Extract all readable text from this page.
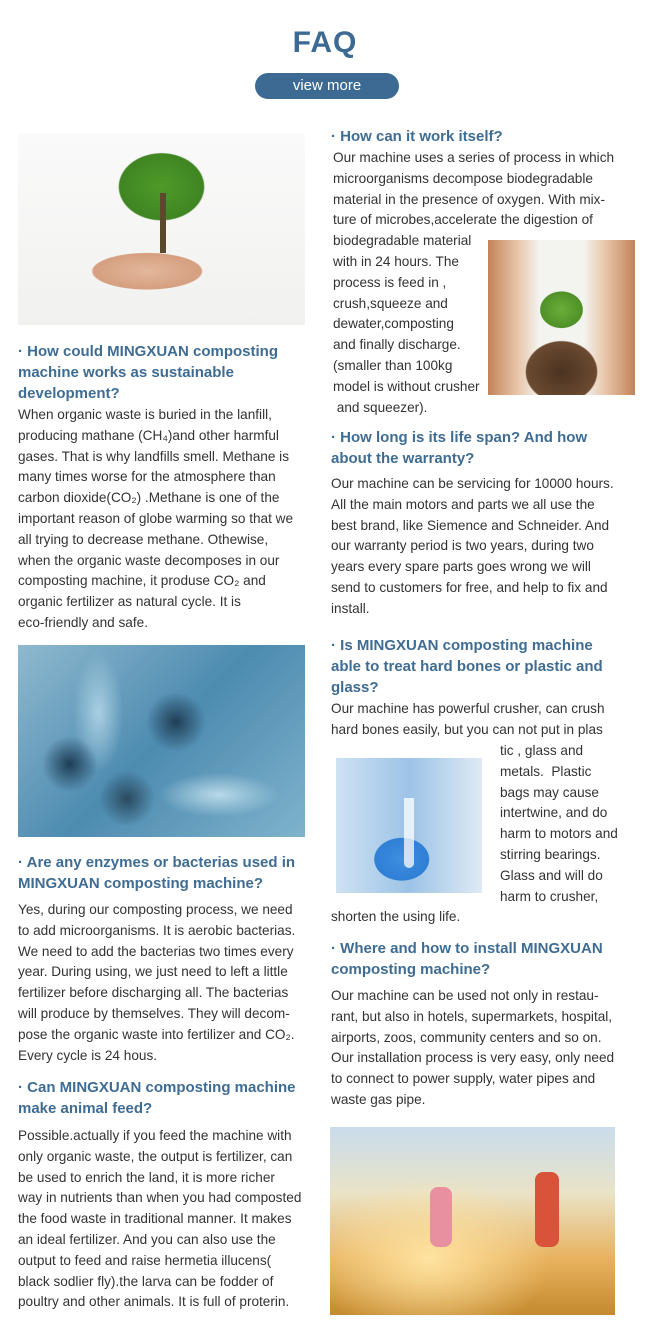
FAQ
view more
· How could MINGXUAN composting
machine works as sustainable
development?
When organic waste is buried in the lanfill,
producing mathane (CH₄)and other harmful
gases. That is why landfills smell. Methane is
many times worse for the atmosphere than
carbon dioxide(CO₂) .Methane is one of the
important reason of globe warming so that we
all trying to decrease methane. Othewise,
when the organic waste decomposes in our
composting machine, it produse CO₂ and
organic fertilizer as natural cycle. It is
eco-friendly and safe.
· Are any enzymes or bacterias used in
MINGXUAN composting machine?
Yes, during our composting process, we need
to add microorganisms. It is aerobic bacterias.
We need to add the bacterias two times every
year. During using, we just need to left a little
fertilizer before discharging all. The bacterias
will produce by themselves. They will decom-
pose the organic waste into fertilizer and CO₂.
Every cycle is 24 hous.
· Can MINGXUAN composting machine
make animal feed?
Possible.actually if you feed the machine with
only organic waste, the output is fertilizer, can
be used to enrich the land, it is more richer
way in nutrients than when you had composted
the food waste in traditional manner. It makes
an ideal fertilizer. And you can also use the
output to feed and raise hermetia illucens(
black sodlier fly).the larva can be fodder of
poultry and other animals. It is full of proterin.
· How can it work itself?
Our machine uses a series of process in which
microorganisms decompose biodegradable
material in the presence of oxygen. With mix-
ture of microbes,accelerate the digestion of
biodegradable material
with in 24 hours. The
process is feed in ,
crush,squeeze and
dewater,composting
and finally discharge.
(smaller than 100kg
model is without crusher
and squeezer).
· How long is its life span? And how
about the warranty?
Our machine can be servicing for 10000 hours.
All the main motors and parts we all use the
best brand, like Siemence and Schneider. And
our warranty period is two years, during two
years every spare parts goes wrong we will
send to customers for free, and help to fix and
install.
· Is MINGXUAN composting machine
able to treat hard bones or plastic and
glass?
Our machine has powerful crusher, can crush
hard bones easily, but you can not put in plas
tic , glass and
metals.  Plastic
bags may cause
intertwine, and do
harm to motors and
stirring bearings.
Glass and will do
harm to crusher,
shorten the using life.
· Where and how to install MINGXUAN
composting machine?
Our machine can be used not only in restau-
rant, but also in hotels, supermarkets, hospital,
airports, zoos, community centers and so on.
Our installation process is very easy, only need
to connect to power supply, water pipes and
waste gas pipe.
